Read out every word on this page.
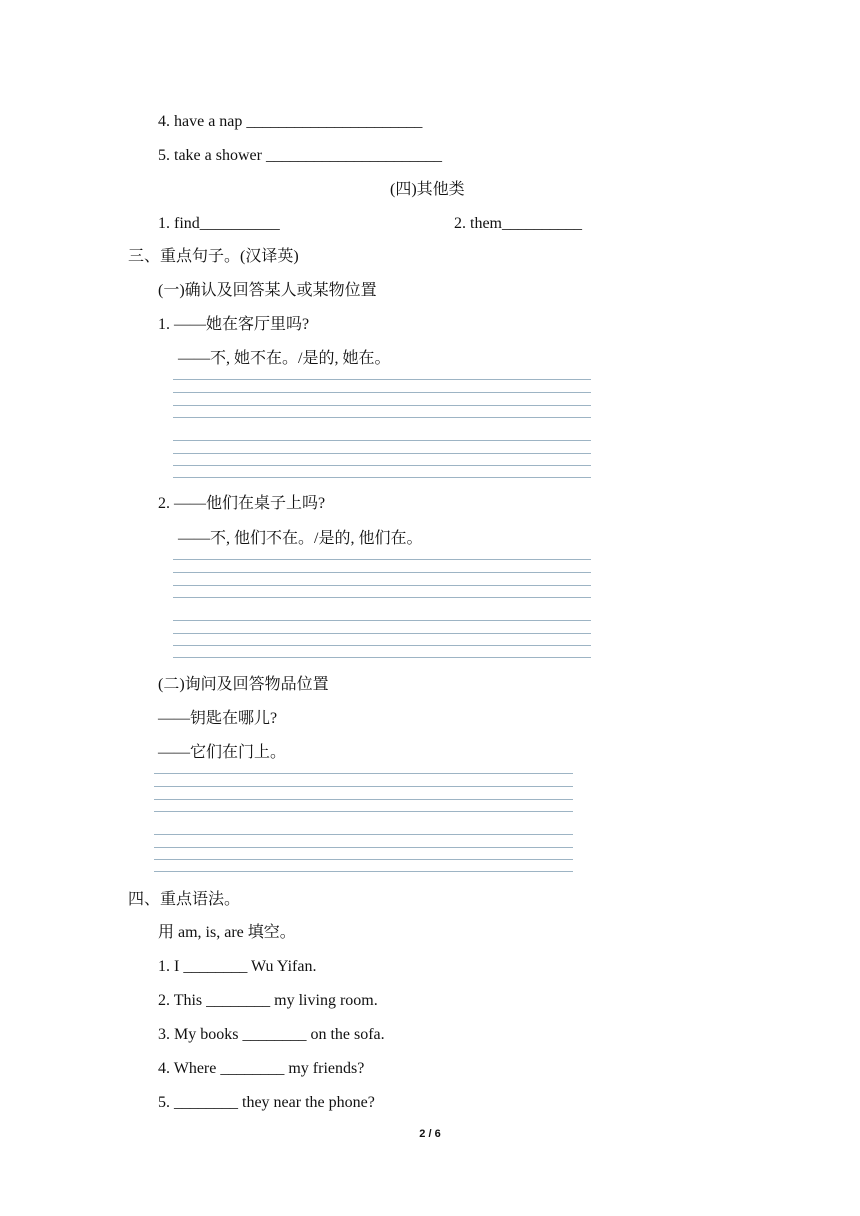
4. have a nap ______________________
5. take a shower ______________________
(四)其他类
1. find__________	2. them__________
三、重点句子。(汉译英)
(一)确认及回答某人或某物位置
1. ——她在客厅里吗?
——不, 她不在。/是的, 她在。
2. ——他们在桌子上吗?
——不, 他们不在。/是的, 他们在。
(二)询问及回答物品位置
——钥匙在哪儿?
——它们在门上。
四、重点语法。
用 am, is, are 填空。
1. I ________ Wu Yifan.
2. This ________ my living room.
3. My books ________ on the sofa.
4. Where ________ my friends?
5. ________ they near the phone?
2 / 6
